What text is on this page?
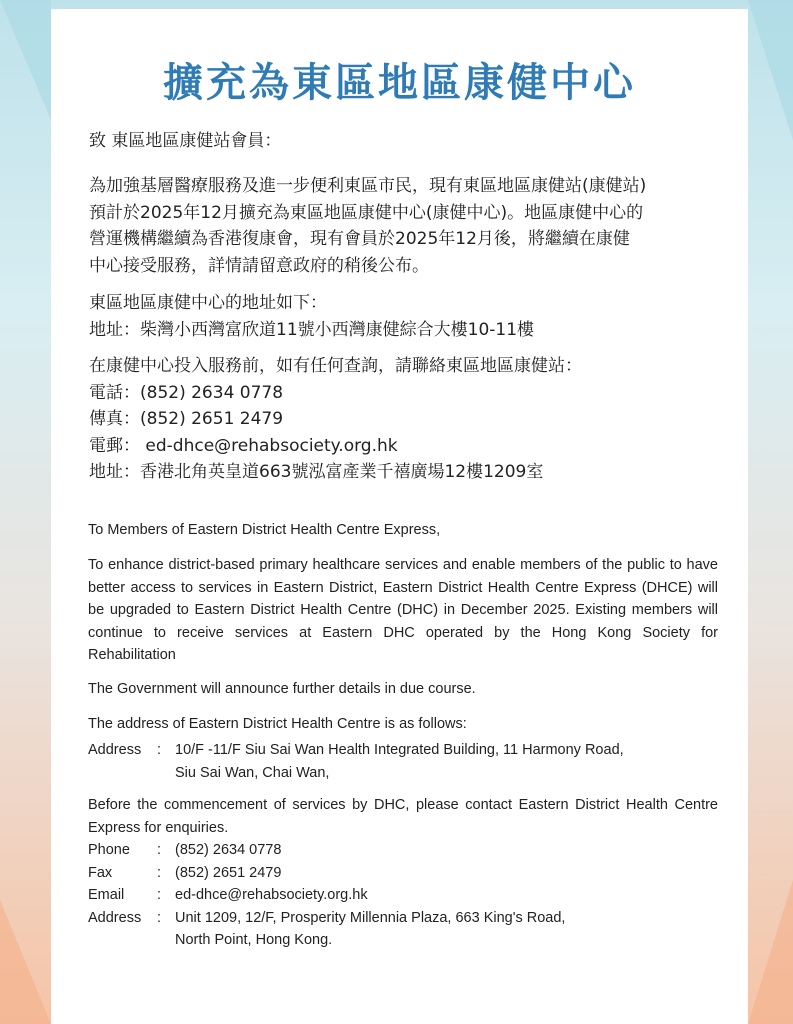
擴充為東區地區康健中心

致 東區地區康健站會員：

為加強基層醫療服務及進一步便利東區市民，現有東區地區康健站(康健站)

預計於2025年12月擴充為東區地區康健中心(康健中心)。地區康健中心的

營運機構繼續為香港復康會，現有會員於2025年12月後，將繼續在康健

中心接受服務，詳情請留意政府的稍後公布。

東區地區康健中心的地址如下：

地址：柴灣小西灣富欣道11號小西灣康健綜合大樓10-11樓

在康健中心投入服務前，如有任何查詢，請聯絡東區地區康健站：

電話：(852) 2634 0778

傳真：(852) 2651 2479

電郵： ed-dhce@rehabsociety.org.hk

地址：香港北角英皇道663號泓富產業千禧廣場12樓1209室

To Members of Eastern District Health Centre Express,

To enhance district-based primary healthcare services and enable members of the public to have better access to services in Eastern District, Eastern District Health Centre Express (DHCE) will be upgraded to Eastern District Health Centre (DHC) in December 2025. Existing members will continue to receive services at Eastern DHC operated by the Hong Kong Society for Rehabilitation

The Government will announce further details in due course.

The address of Eastern District Health Centre is as follows:

Address	: 10/F -11/F Siu Sai Wan Health Integrated Building, 11 Harmony Road,

Siu Sai Wan, Chai Wan,

Before the commencement of services by DHC, please contact Eastern District Health Centre Express for enquiries.

Phone	: (852) 2634 0778
Fax	: (852) 2651 2479
Email	: ed-dhce@rehabsociety.org.hk
Address	: Unit 1209, 12/F, Prosperity Millennia Plaza, 663 King's Road,

North Point, Hong Kong.
